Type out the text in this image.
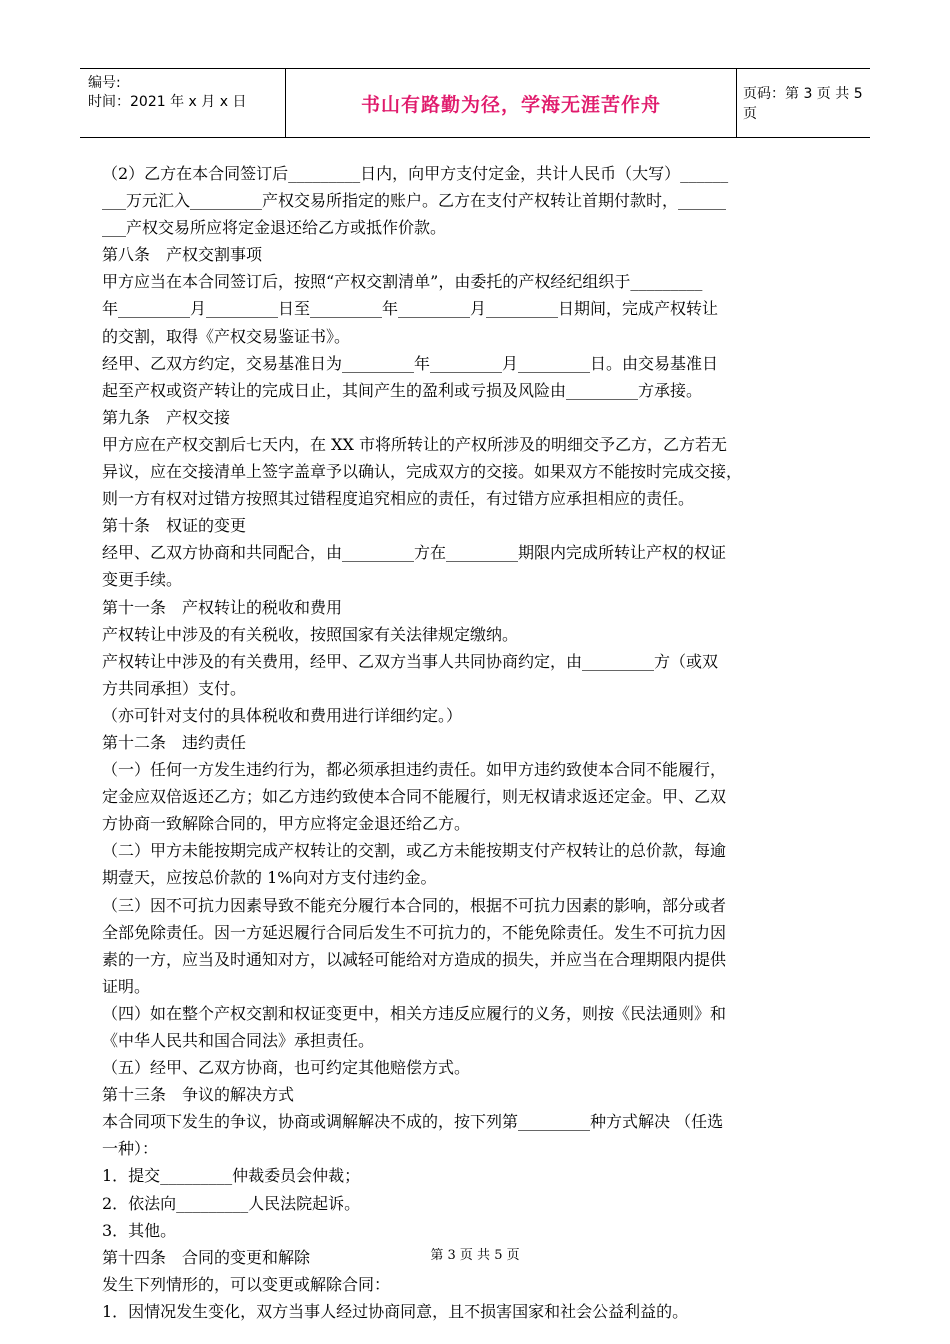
编号:
时间：2021 年 x 月 x 日	书山有路勤为径，学海无涯苦作舟	页码：第 3 页 共 5 页
（2）乙方在本合同签订后_________日内，向甲方支付定金，共计人民币（大写）______
___万元汇入_________产权交易所指定的账户。乙方在支付产权转让首期付款时，______
___产权交易所应将定金退还给乙方或抵作价款。
第八条　产权交割事项
甲方应当在本合同签订后，按照“产权交割清单”，由委托的产权经纪组织于_________
年_________月_________日至_________年_________月_________日期间，完成产权转让
的交割，取得《产权交易鉴证书》。
经甲、乙双方约定，交易基准日为_________年_________月_________日。由交易基准日
起至产权或资产转让的完成日止，其间产生的盈利或亏损及风险由_________方承接。
第九条　产权交接
甲方应在产权交割后七天内，在 XX 市将所转让的产权所涉及的明细交予乙方，乙方若无
异议，应在交接清单上签字盖章予以确认，完成双方的交接。如果双方不能按时完成交接，
则一方有权对过错方按照其过错程度追究相应的责任，有过错方应承担相应的责任。
第十条　权证的变更
经甲、乙双方协商和共同配合，由_________方在_________期限内完成所转让产权的权证
变更手续。
第十一条　产权转让的税收和费用
产权转让中涉及的有关税收，按照国家有关法律规定缴纳。
产权转让中涉及的有关费用，经甲、乙双方当事人共同协商约定，由_________方（或双
方共同承担）支付。
（亦可针对支付的具体税收和费用进行详细约定。）
第十二条　违约责任
（一）任何一方发生违约行为，都必须承担违约责任。如甲方违约致使本合同不能履行，
定金应双倍返还乙方；如乙方违约致使本合同不能履行，则无权请求返还定金。甲、乙双
方协商一致解除合同的，甲方应将定金退还给乙方。
（二）甲方未能按期完成产权转让的交割，或乙方未能按期支付产权转让的总价款，每逾
期壹天，应按总价款的 1%向对方支付违约金。
（三）因不可抗力因素导致不能充分履行本合同的，根据不可抗力因素的影响，部分或者
全部免除责任。因一方延迟履行合同后发生不可抗力的，不能免除责任。发生不可抗力因
素的一方，应当及时通知对方，以减轻可能给对方造成的损失，并应当在合理期限内提供
证明。
（四）如在整个产权交割和权证变更中，相关方违反应履行的义务，则按《民法通则》和
《中华人民共和国合同法》承担责任。
（五）经甲、乙双方协商，也可约定其他赔偿方式。
第十三条　争议的解决方式
本合同项下发生的争议，协商或调解解决不成的，按下列第_________种方式解决 （任选
一种）：
1．提交_________仲裁委员会仲裁；
2．依法向_________人民法院起诉。
3．其他。
第十四条　合同的变更和解除
发生下列情形的，可以变更或解除合同：
1．因情况发生变化，双方当事人经过协商同意，且不损害国家和社会公益利益的。
第 3 页 共 5 页
